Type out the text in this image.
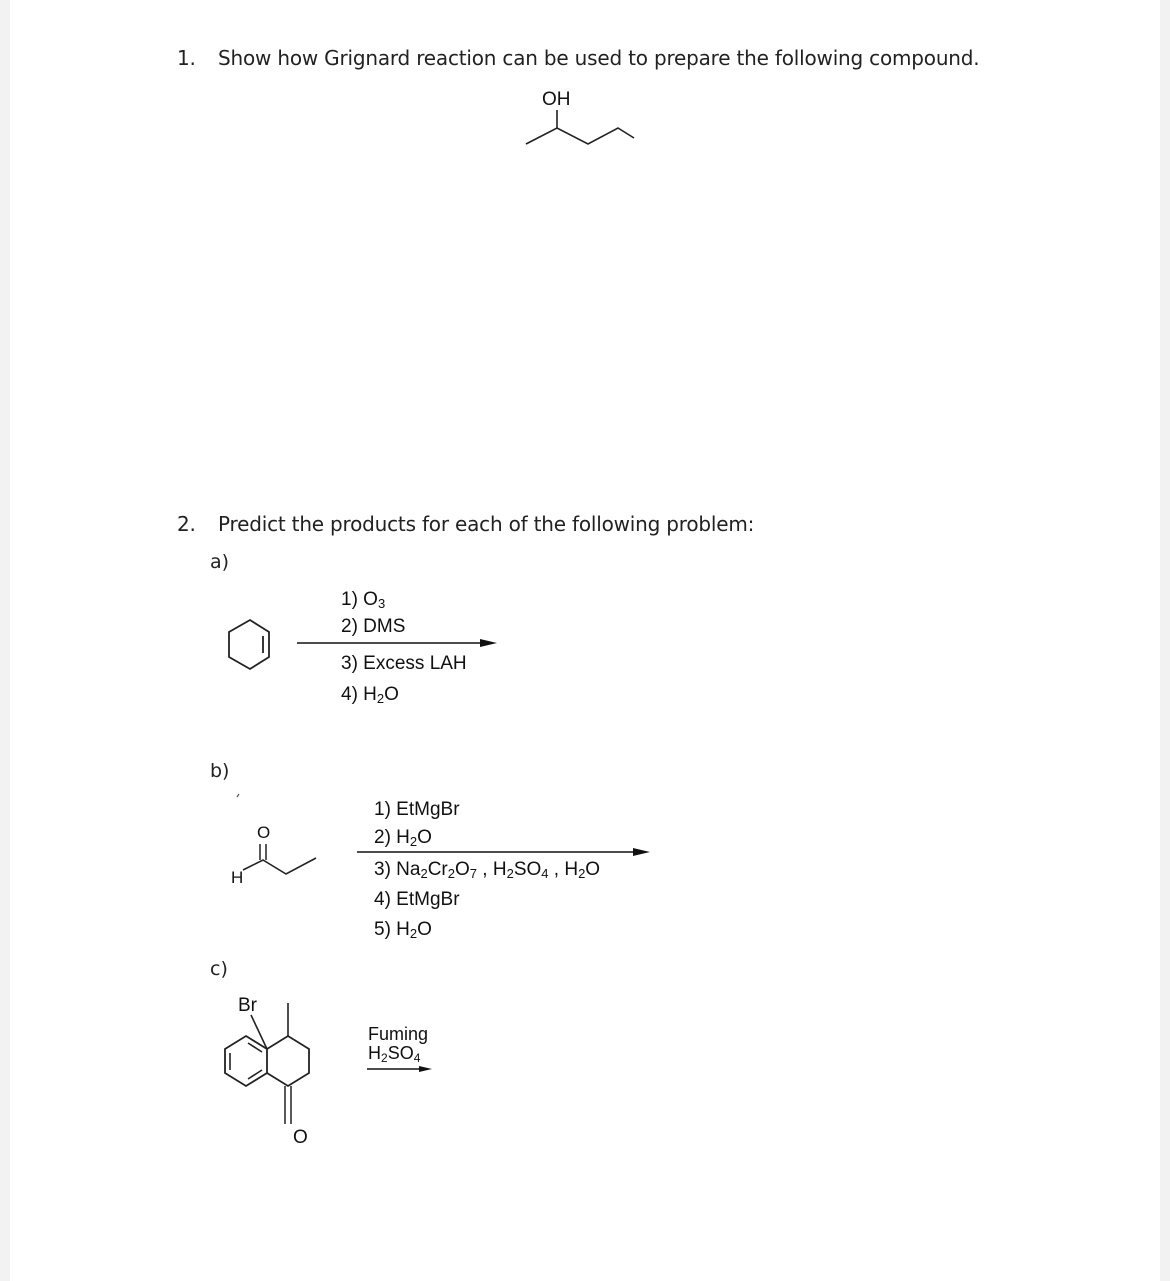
1. Show how Grignard reaction can be used to prepare the following compound.
OH
2. Predict the products for each of the following problem:
a)
1) $O_3$
2) DMS
3) Excess LAH
4) $H_2O$
b)
O
H
1) EtMgBr
2) $H_2O$
3) $Na_2Cr_2O_7$ , $H_2SO_4$ , $H_2O$
4) EtMgBr
5) $H_2O$
c)
Br
O
Fuming
$H_2SO_4$
